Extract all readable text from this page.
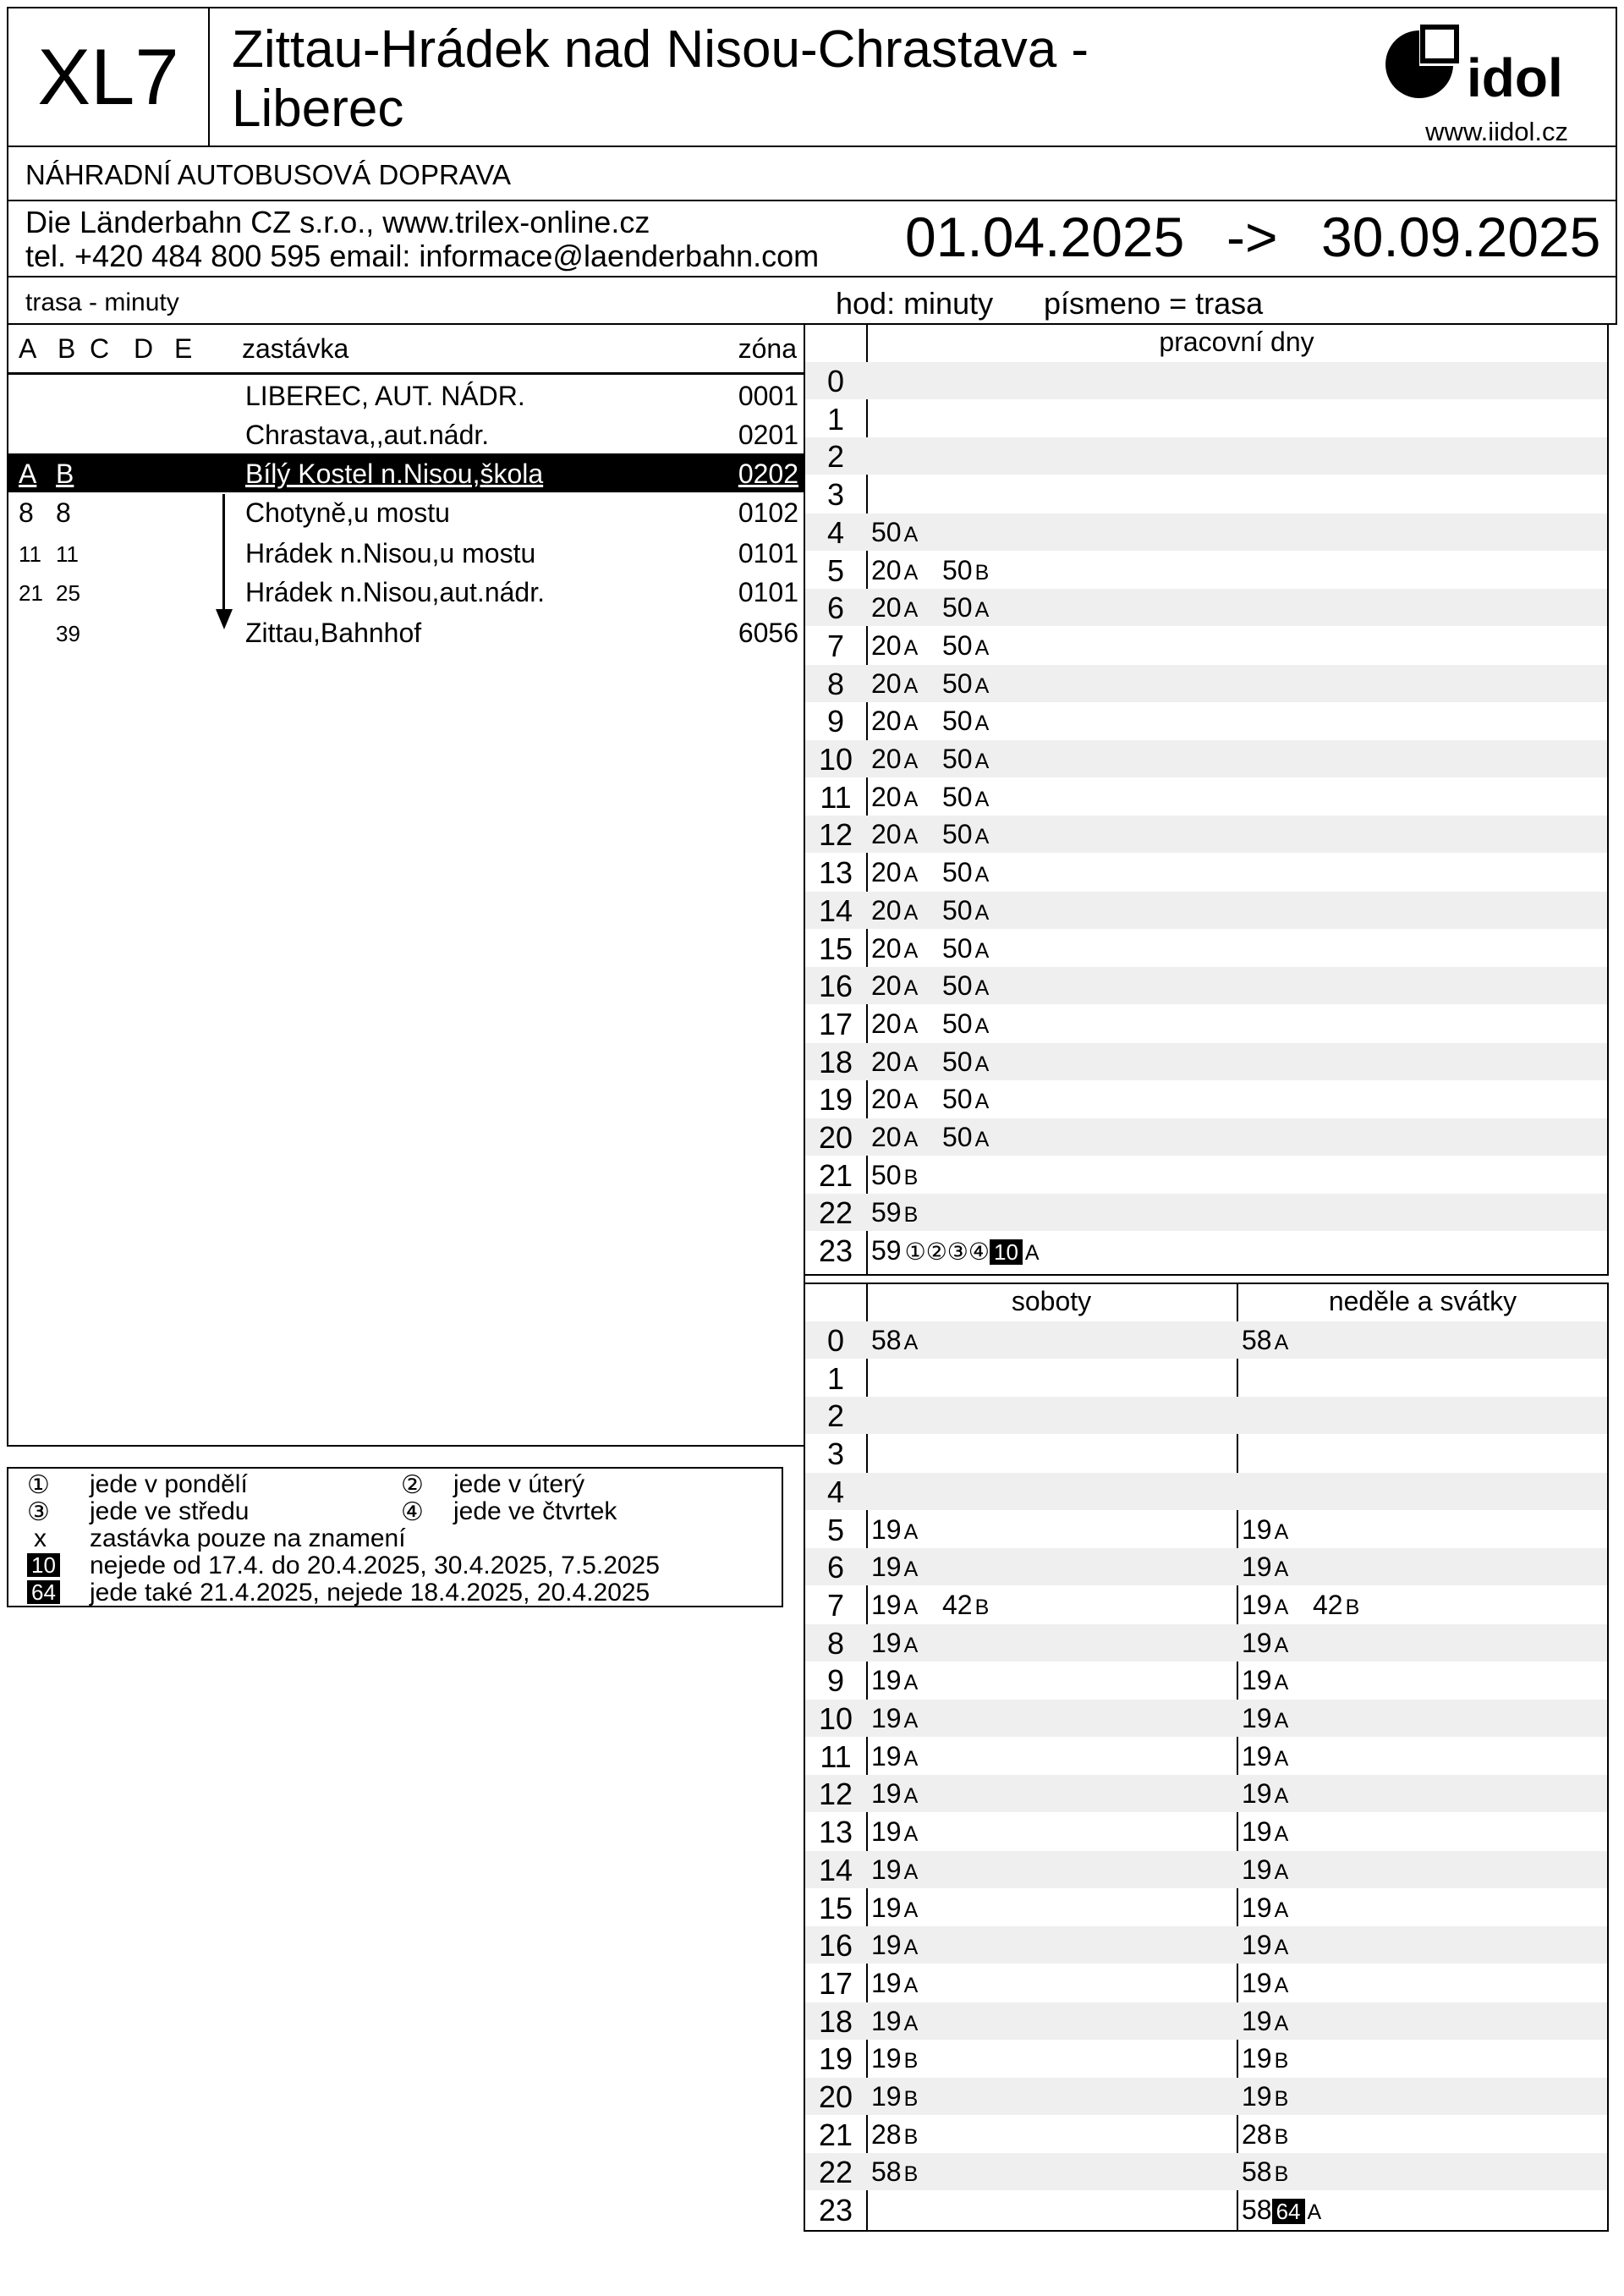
XL7	Zittau-Hrádek nad Nisou-Chrastava -
Liberec
idol
www.iidol.cz
NÁHRADNÍ AUTOBUSOVÁ DOPRAVA
Die Länderbahn CZ s.r.o., www.trilex-online.cz
tel. +420 484 800 595 email: informace@laenderbahn.com 01.04.2025 -> 30.09.2025
trasa - minuty	hod: minuty písmeno = trasa
A B C D E zastávka	zóna
LIBEREC, AUT. NÁDR.	0001
Chrastava,,aut.nádr.	0201
A B	Bílý Kostel n.Nisou,škola	0202
8 8	Chotyně,u mostu	0102
11 11	Hrádek n.Nisou,u mostu	0101
21 25	Hrádek n.Nisou,aut.nádr.	0101
39	Zittau,Bahnhof	6056
① jede v pondělí	② jede v úterý
③ jede ve středu	④ jede ve čtvrtek
x zastávka pouze na znamení
10 nejede od 17.4. do 20.4.2025, 30.4.2025, 7.5.2025
64 jede také 21.4.2025, nejede 18.4.2025, 20.4.2025
pracovní dny
0
1
2
3
4 50 A
5 20 A 50 B
6 20 A 50 A
7 20 A 50 A
8 20 A 50 A
9 20 A 50 A
10 20 A 50 A
11 20 A 50 A
12 20 A 50 A
13 20 A 50 A
14 20 A 50 A
15 20 A 50 A
16 20 A 50 A
17 20 A 50 A
18 20 A 50 A
19 20 A 50 A
20 20 A 50 A
21 50 B
22 59 B
23 59 ①②③④ 10 A
soboty	neděle a svátky
0 58 A	58 A
1
2
3
4
5 19 A	19 A
6 19 A	19 A
7 19 A 42 B	19 A 42 B
8 19 A	19 A
9 19 A	19 A
10 19 A	19 A
11 19 A	19 A
12 19 A	19 A
13 19 A	19 A
14 19 A	19 A
15 19 A	19 A
16 19 A	19 A
17 19 A	19 A
18 19 A	19 A
19 19 B	19 B
20 19 B	19 B
21 28 B	28 B
22 58 B	58 B
23	58 64 A
